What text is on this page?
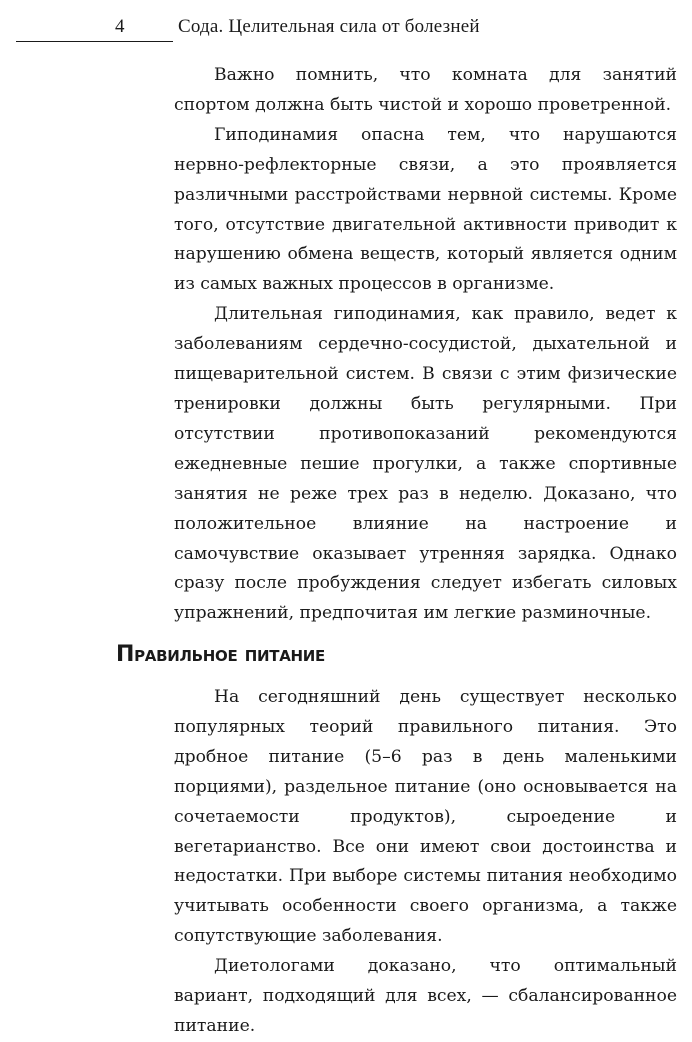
4	Сода. Целительная сила от болезней

Важно помнить, что комната для занятий спортом должна быть чистой и хорошо проветренной.

Гиподинамия опасна тем, что нарушаются нервно-рефлекторные связи, а это проявляется различными расстройствами нервной системы. Кроме того, отсутствие двигательной активности приводит к нарушению обмена веществ, который является одним из самых важных процессов в организме.

Длительная гиподинамия, как правило, ведет к заболеваниям сердечно-сосудистой, дыхательной и пищеварительной систем. В связи с этим физические тренировки должны быть регулярными. При отсутствии противопоказаний рекомендуются ежедневные пешие прогулки, а также спортивные занятия не реже трех раз в неделю. Доказано, что положительное влияние на настроение и самочувствие оказывает утренняя зарядка. Однако сразу после пробуждения следует избегать силовых упражнений, предпочитая им легкие разминочные.

Правильное питание

На сегодняшний день существует несколько популярных теорий правильного питания. Это дробное питание (5–6 раз в день маленькими порциями), раздельное питание (оно основывается на сочетаемости продуктов), сыроедение и вегетарианство. Все они имеют свои достоинства и недостатки. При выборе системы питания необходимо учитывать особенности своего организма, а также сопутствующие заболевания.

Диетологами доказано, что оптимальный вариант, подходящий для всех, — сбалансированное питание.
